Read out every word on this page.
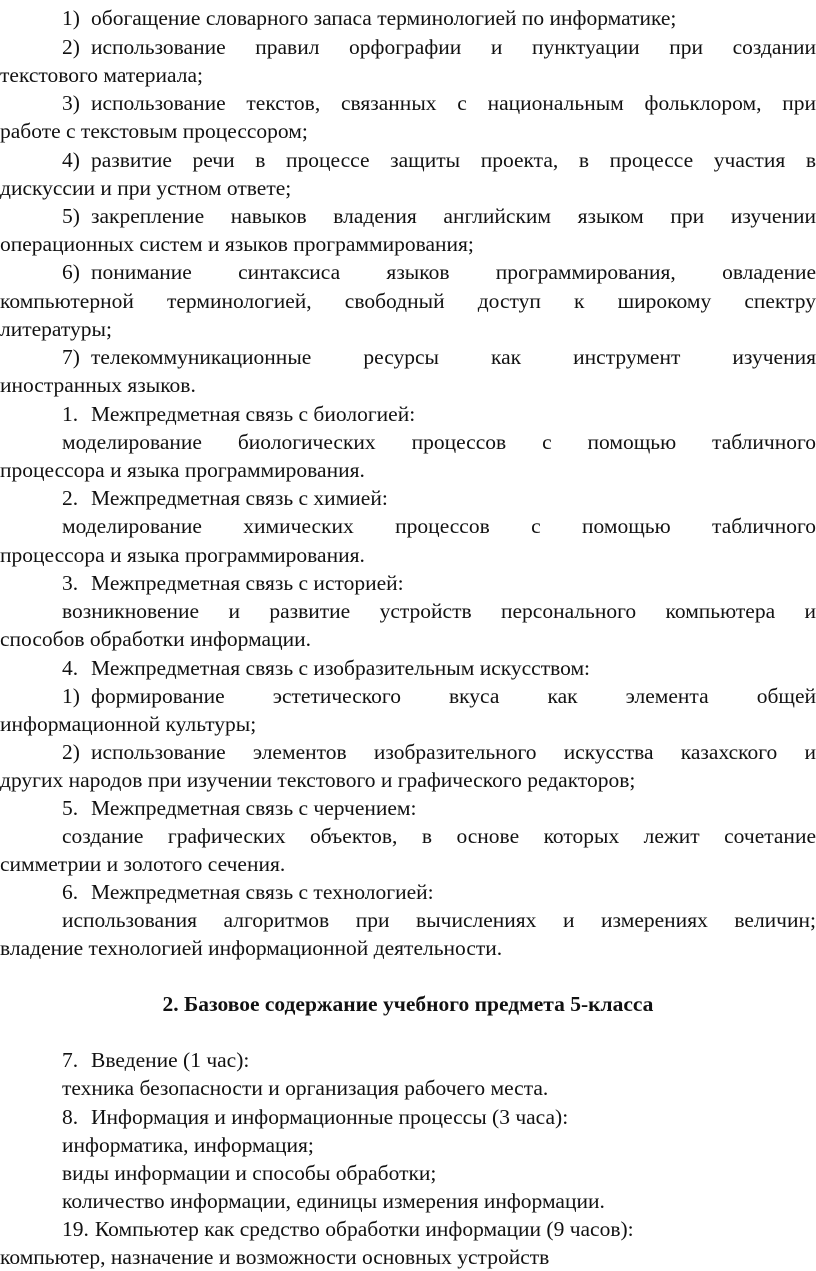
1) обогащение словарного запаса терминологией по информатике;
2) использование правил орфографии и пунктуации при создании
текстового материала;
3) использование текстов, связанных с национальным фольклором, при
работе с текстовым процессором;
4) развитие речи в процессе защиты проекта, в процессе участия в
дискуссии и при устном ответе;
5) закрепление навыков владения английским языком при изучении
операционных систем и языков программирования;
6) понимание синтаксиса языков программирования, овладение
компьютерной терминологией, свободный доступ к широкому спектру
литературы;
7) телекоммуникационные ресурсы как инструмент изучения
иностранных языков.
1. Межпредметная связь с биологией:
моделирование биологических процессов с помощью табличного
процессора и языка программирования.
2. Межпредметная связь с химией:
моделирование химических процессов с помощью табличного
процессора и языка программирования.
3. Межпредметная связь с историей:
возникновение и развитие устройств персонального компьютера и
способов обработки информации.
4. Межпредметная связь с изобразительным искусством:
1) формирование эстетического вкуса как элемента общей
информационной культуры;
2) использование элементов изобразительного искусства казахского и
других народов при изучении текстового и графического редакторов;
5. Межпредметная связь с черчением:
создание графических объектов, в основе которых лежит сочетание
симметрии и золотого сечения.
6. Межпредметная связь с технологией:
использования алгоритмов при вычислениях и измерениях величин;
владение технологией информационной деятельности.
2. Базовое содержание учебного предмета 5-класса
7. Введение (1 час):
техника безопасности и организация рабочего места.
8. Информация и информационные процессы (3 часа):
информатика, информация;
виды информации и способы обработки;
количество информации, единицы измерения информации.
19. Компьютер как средство обработки информации (9 часов):
компьютер, назначение и возможности основных устройств
